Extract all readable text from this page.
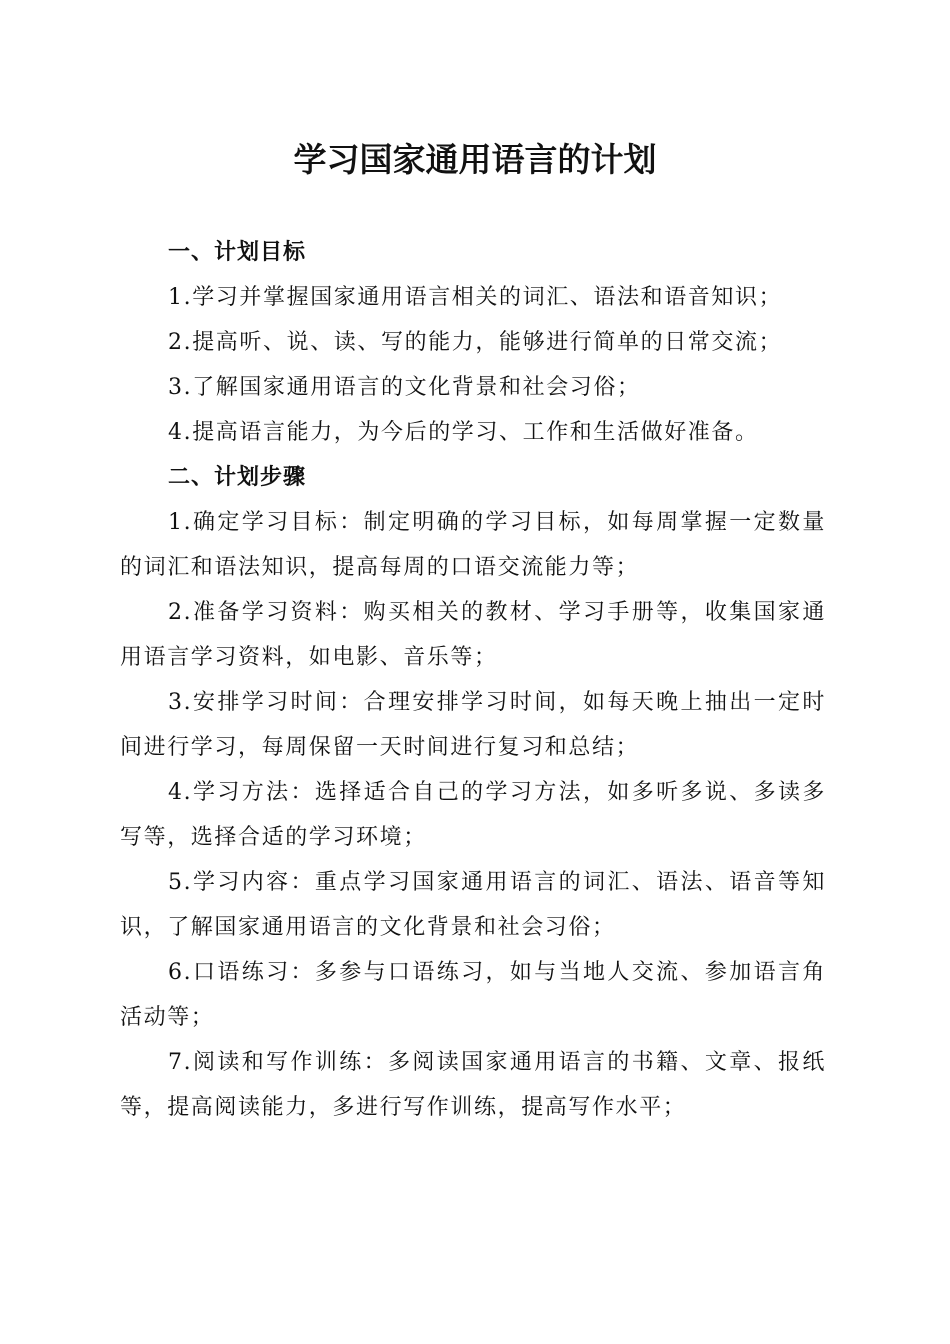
学习国家通用语言的计划

一、计划目标

1.学习并掌握国家通用语言相关的词汇、语法和语音知识；

2.提高听、说、读、写的能力，能够进行简单的日常交流；

3.了解国家通用语言的文化背景和社会习俗；

4.提高语言能力，为今后的学习、工作和生活做好准备。

二、计划步骤

1.确定学习目标：制定明确的学习目标，如每周掌握一定数量的词汇和语法知识，提高每周的口语交流能力等；

2.准备学习资料：购买相关的教材、学习手册等，收集国家通用语言学习资料，如电影、音乐等；

3.安排学习时间：合理安排学习时间，如每天晚上抽出一定时间进行学习，每周保留一天时间进行复习和总结；

4.学习方法：选择适合自己的学习方法，如多听多说、多读多写等，选择合适的学习环境；

5.学习内容：重点学习国家通用语言的词汇、语法、语音等知识，了解国家通用语言的文化背景和社会习俗；

6.口语练习：多参与口语练习，如与当地人交流、参加语言角活动等；

7.阅读和写作训练：多阅读国家通用语言的书籍、文章、报纸等，提高阅读能力，多进行写作训练，提高写作水平；
